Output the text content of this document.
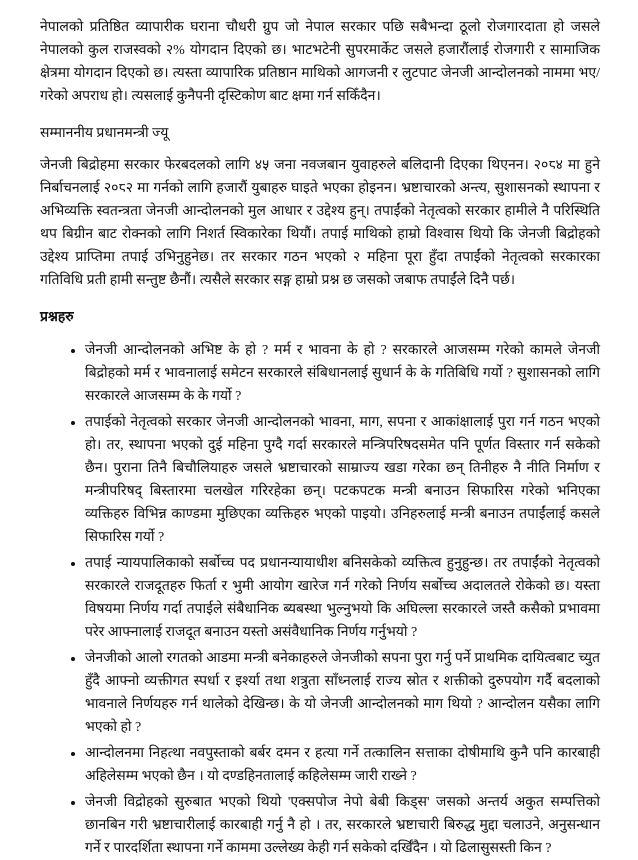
नेपालको प्रतिष्ठित व्यापारीक घराना चौधरी ग्रुप जो नेपाल सरकार पछि सबैभन्दा ठूलो रोजगारदाता हो जसले नेपालको कुल राजस्वको २% योगदान दिएको छ। भाटभटेनी सुपरमार्केट जसले हजारौंलाई रोजगारी र सामाजिक क्षेत्रमा योगदान दिएको छ। त्यस्ता व्यापारिक प्रतिष्ठान माथिको आगजनी र लुटपाट जेनजी आन्दोलनको नाममा भए/गरेको अपराध हो। त्यसलाई कुनैपनी दृस्टिकोण बाट क्षमा गर्न सकिँदैन।

सम्माननीय प्रधानमन्त्री ज्यू

जेनजी बिद्रोहमा सरकार फेरबदलको लागि ४५ जना नवजबान युवाहरुले बलिदानी दिएका थिएनन। २०८४ मा हुने निर्बाचनलाई २०८२ मा गर्नको लागि हजारौं युबाहरु घाइते भएका होइनन। भ्रष्टाचारको अन्त्य, सुशासनको स्थापना र अभिव्यक्ति स्वतन्त्रता जेनजी आन्दोलनको मुल आधार र उद्देश्य हुन्। तपाईंको नेतृत्वको सरकार हामीले नै परिस्थिति थप बिग्रीन बाट रोक्नको लागि निशर्त स्विकारेका थियौं। तपाई माथिको हाम्रो विश्वास थियो कि जेनजी बिद्रोहको उद्देश्य प्राप्तिमा तपाई उभिनुहुनेछ। तर सरकार गठन भएको २ महिना पूरा हुँदा तपाईंको नेतृत्वको सरकारका गतिविधि प्रती हामी सन्तुष्ट छैनौं। त्यसैले सरकार सङ्ग हाम्रो प्रश्न छ जसको जबाफ तपाईंले दिनै पर्छ।

प्रश्नहरु

• जेनजी आन्दोलनको अभिष्ट के हो ? मर्म र भावना के हो ? सरकारले आजसम्म गरेको कामले जेनजी बिद्रोहको मर्म र भावनालाई समेटन सरकारले संबिधानलाई सुधार्न के के गतिबिधि गर्यो ? सुशासनको लागि सरकारले आजसम्म के के गर्यो ?
• तपाईको नेतृत्वको सरकार जेनजी आन्दोलनको भावना, माग, सपना र आकांक्षालाई पुरा गर्न गठन भएको हो। तर, स्थापना भएको दुई महिना पुग्दै गर्दा सरकारले मन्त्रिपरिषदसमेत पनि पूर्णत विस्तार गर्न सकेको छैन। पुराना तिनै बिचौलियाहरु जसले भ्रष्टाचारको साम्राज्य खडा गरेका छन् तिनीहरु नै नीति निर्माण र मन्त्रीपरिषद् बिस्तारमा चलखेल गरिरहेका छन्। पटकपटक मन्त्री बनाउन सिफारिस गरेको भनिएका व्यक्तिहरु विभिन्न काण्डमा मुछिएका व्यक्तिहरु भएको पाइयो। उनिहरुलाई मन्त्री बनाउन तपाईंलाई कसले सिफारिस गर्यो ?
• तपाई न्यायपालिकाको सर्बोच्च पद प्रधानन्यायाधीश बनिसकेको व्यक्तित्व हुनुहुन्छ। तर तपाईंको नेतृत्वको सरकारले राजदूतहरु फिर्ता र भुमी आयोग खारेज गर्न गरेको निर्णय सर्बोच्च अदालतले रोकेको छ। यस्ता विषयमा निर्णय गर्दा तपाईले संबैधानिक ब्यबस्था भुल्नुभयो कि अघिल्ला सरकारले जस्तै कसैको प्रभावमा परेर आफ्नालाई राजदूत बनाउन यस्तो असंवैधानिक निर्णय गर्नुभयो ?
• जेनजीको आलो रगतको आडमा मन्त्री बनेकाहरुले जेनजीको सपना पुरा गर्नु पर्ने प्राथमिक दायित्वबाट च्युत हुँदै आफ्नो व्यक्तीगत स्पर्धा र इर्श्या तथा शत्रुता साँध्नलाई राज्य स्रोत र शक्तीको दुरुपयोग गर्दै बदलाको भावनाले निर्णयहरु गर्न थालेको देखिन्छ। के यो जेनजी आन्दोलनको माग थियो ? आन्दोलन यसैका लागि भएको हो ?
• आन्दोलनमा निहत्था नवपुस्ताको बर्बर दमन र हत्या गर्ने तत्कालिन सत्ताका दोषीमाथि कुनै पनि कारबाही अहिलेसम्म भएको छैन । यो दण्डहिनतालाई कहिलेसम्म जारी राख्ने ?
• जेनजी विद्रोहको सुरुबात भएको थियो 'एक्सपोज नेपो बेबी किड्स' जसको अन्तर्य अकुत सम्पत्तिको छानबिन गरी भ्रष्टाचारीलाई कारबाही गर्नु नै हो । तर, सरकारले भ्रष्टाचारी बिरुद्ध मुद्दा चलाउने, अनुसन्धान गर्ने र पारदर्शिता स्थापना गर्ने काममा उल्लेख्य केही गर्न सकेको दर्खिँदैन । यो ढिलासुसस्ती किन ?
